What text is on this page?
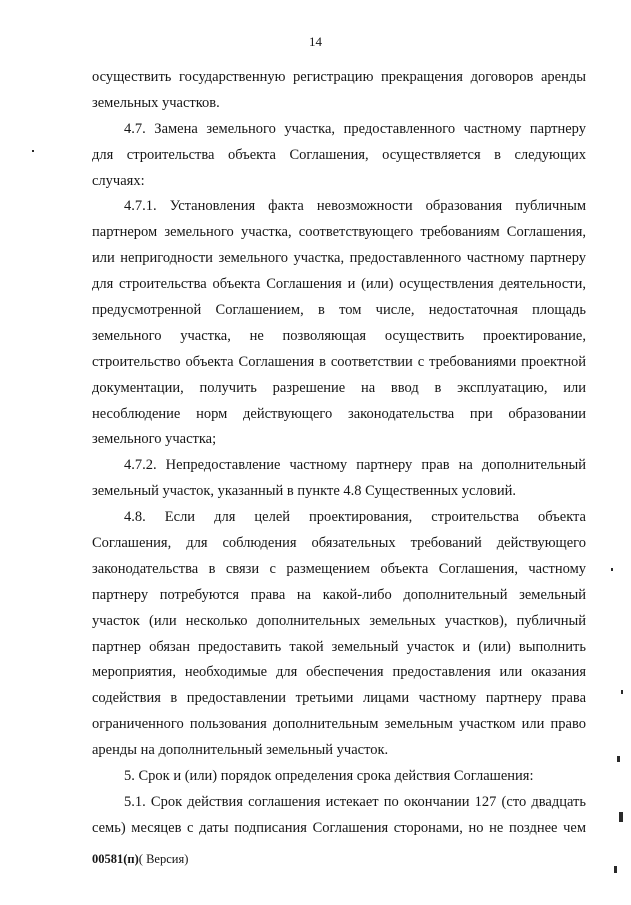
14
осуществить государственную регистрацию прекращения договоров аренды
земельных участков.
4.7. Замена земельного участка, предоставленного частному партнеру
для строительства объекта Соглашения, осуществляется в следующих
случаях:
4.7.1. Установления факта невозможности образования публичным
партнером земельного участка, соответствующего требованиям Соглашения,
или непригодности земельного участка, предоставленного частному партнеру
для строительства объекта Соглашения и (или) осуществления деятельности,
предусмотренной Соглашением, в том числе, недостаточная площадь
земельного участка, не позволяющая осуществить проектирование,
строительство объекта Соглашения в соответствии с требованиями проектной
документации, получить разрешение на ввод в эксплуатацию, или
несоблюдение норм действующего законодательства при образовании
земельного участка;
4.7.2. Непредоставление частному партнеру прав на дополнительный
земельный участок, указанный в пункте 4.8 Существенных условий.
4.8. Если для целей проектирования, строительства объекта
Соглашения, для соблюдения обязательных требований действующего
законодательства в связи с размещением объекта Соглашения, частному
партнеру потребуются права на какой-либо дополнительный земельный
участок (или несколько дополнительных земельных участков), публичный
партнер обязан предоставить такой земельный участок и (или) выполнить
мероприятия, необходимые для обеспечения предоставления или оказания
содействия в предоставлении третьими лицами частному партнеру права
ограниченного пользования дополнительным земельным участком или право
аренды на дополнительный земельный участок.
5. Срок и (или) порядок определения срока действия Соглашения:
5.1. Срок действия соглашения истекает по окончании 127 (сто двадцать
семь) месяцев с даты подписания Соглашения сторонами, но не позднее чем
00581(п)( Версия)
